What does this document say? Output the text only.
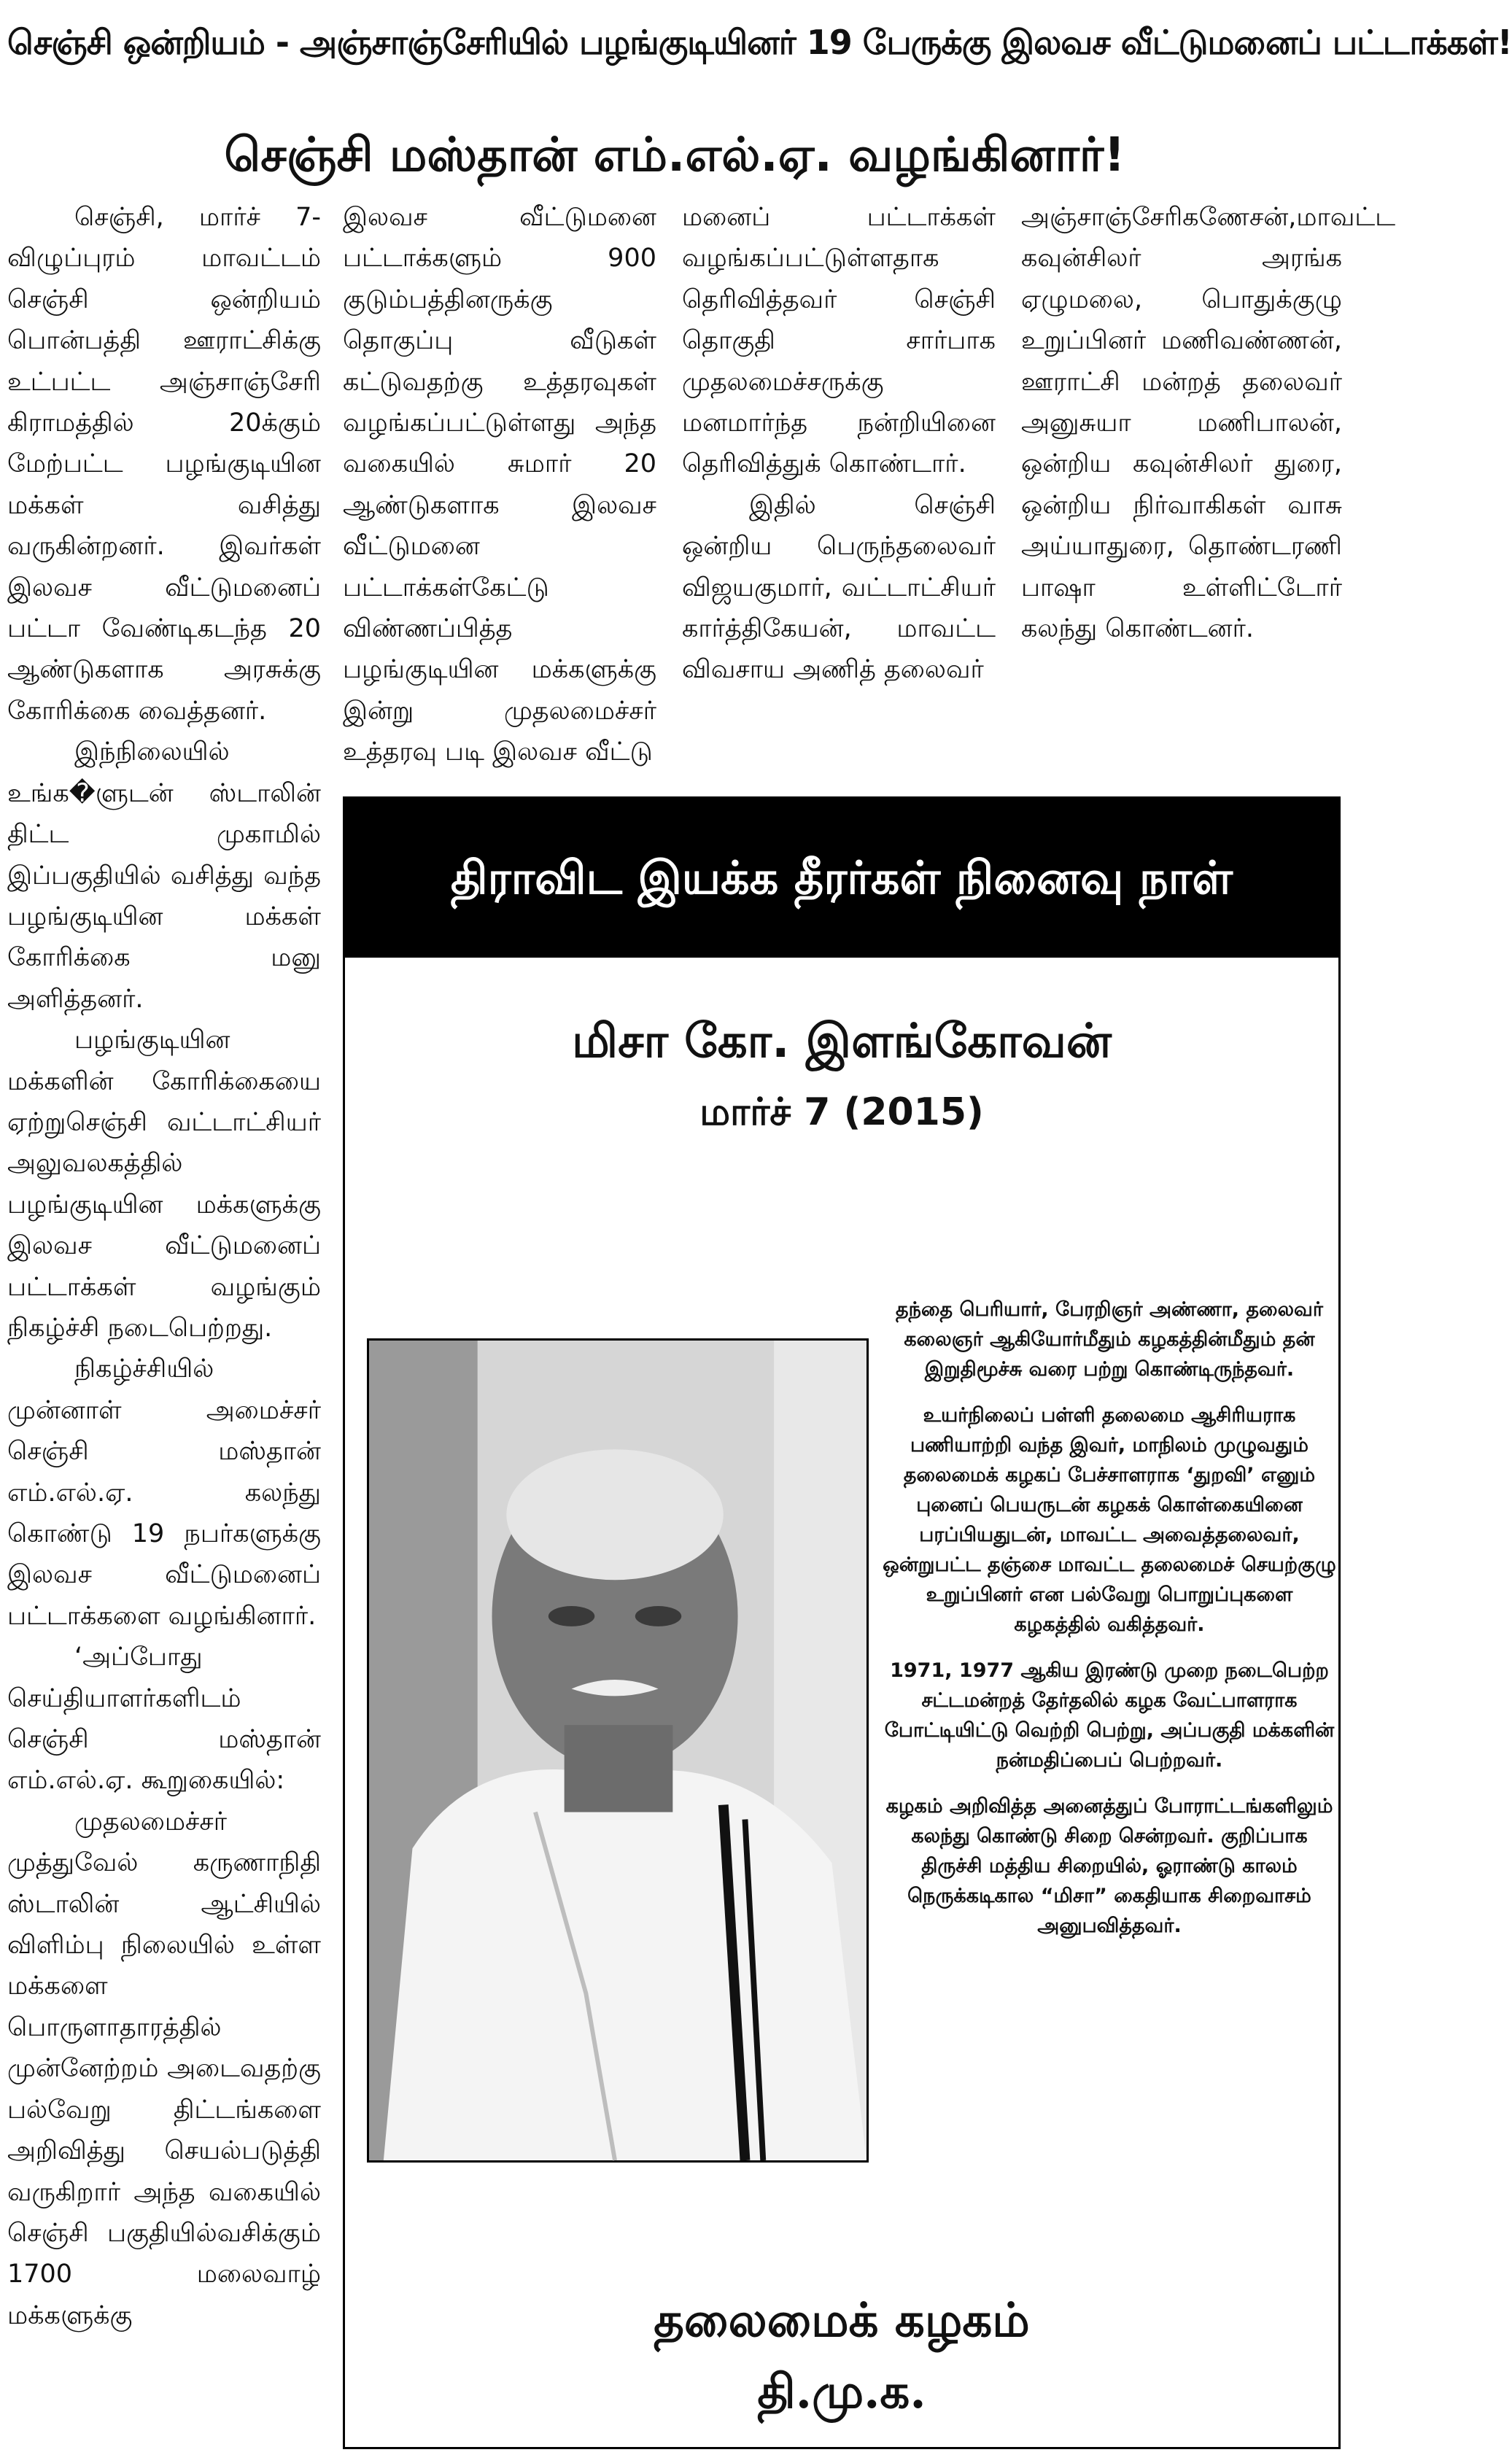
செஞ்சி ஒன்றியம் - அஞ்சாஞ்சேரியில் பழங்குடியினர் 19 பேருக்கு இலவச வீட்டுமனைப் பட்டாக்கள்!
செஞ்சி மஸ்தான் எம்.எல்.ஏ. வழங்கினார்!

செஞ்சி, மார்ச் 7- விழுப்புரம் மாவட்டம் செஞ்சி ஒன்றியம் பொன்பத்தி ஊராட்சிக்கு உட்பட்ட அஞ்சாஞ்சேரி கிராமத்தில் 20க்கும் மேற்பட்ட பழங்குடியின மக்கள் வசித்து வருகின்றனர். இவர்கள் இலவச வீட்டுமனைப் பட்டா வேண்டிகடந்த 20 ஆண்டுகளாக அரசுக்கு கோரிக்கை வைத்தனர்.

இந்நிலையில் உங்க�ளுடன் ஸ்டாலின் திட்ட முகாமில் இப்பகுதியில் வசித்து வந்த பழங்குடியின மக்கள் கோரிக்கை மனு அளித்தனர்.

பழங்குடியின மக்களின் கோரிக்கையை ஏற்றுசெஞ்சி வட்டாட்சியர் அலுவலகத்தில் பழங்குடியின மக்களுக்கு இலவச வீட்டுமனைப் பட்டாக்கள் வழங்கும் நிகழ்ச்சி நடைபெற்றது.

நிகழ்ச்சியில் முன்னாள் அமைச்சர் செஞ்சி மஸ்தான் எம்.எல்.ஏ. கலந்து கொண்டு 19 நபர்களுக்கு இலவச வீட்டுமனைப் பட்டாக்களை வழங்கினார்.

‘அப்போது செய்தியாளர்களிடம் செஞ்சி மஸ்தான் எம்.எல்.ஏ. கூறுகையில்:

முதலமைச்சர் முத்துவேல் கருணாநிதி ஸ்டாலின் ஆட்சியில் விளிம்பு நிலையில் உள்ள மக்களை பொருளாதாரத்தில் முன்னேற்றம் அடைவதற்கு பல்வேறு திட்டங்களை அறிவித்து செயல்படுத்தி வருகிறார் அந்த வகையில் செஞ்சி பகுதியில்வசிக்கும் 1700 மலைவாழ் மக்களுக்கு

இலவச வீட்டுமனை பட்டாக்களும் 900 குடும்பத்தினருக்கு தொகுப்பு வீடுகள் கட்டுவதற்கு உத்தரவுகள் வழங்கப்பட்டுள்ளது அந்த வகையில் சுமார் 20 ஆண்டுகளாக இலவச வீட்டுமனை பட்டாக்கள்கேட்டு விண்ணப்பித்த பழங்குடியின மக்களுக்கு இன்று முதலமைச்சர் உத்தரவு படி இலவச வீட்டு

மனைப் பட்டாக்கள் வழங்கப்பட்டுள்ளதாக தெரிவித்தவர் செஞ்சி தொகுதி சார்பாக முதலமைச்சருக்கு மனமார்ந்த நன்றியினை தெரிவித்துக் கொண்டார்.

இதில் செஞ்சி ஒன்றிய பெருந்தலைவர் விஜயகுமார், வட்டாட்சியர் கார்த்திகேயன், மாவட்ட விவசாய அணித் தலைவர்

அஞ்சாஞ்சேரிகணேசன்,மாவட்ட கவுன்சிலர் அரங்க ஏழுமலை, பொதுக்குழு உறுப்பினர் மணிவண்ணன், ஊராட்சி மன்றத் தலைவர் அனுசுயா மணிபாலன், ஒன்றிய கவுன்சிலர் துரை, ஒன்றிய நிர்வாகிகள் வாசு அய்யாதுரை, தொண்டரணி பாஷா உள்ளிட்டோர் கலந்து கொண்டனர்.

திராவிட இயக்க தீரர்கள் நினைவு நாள்
மிசா கோ. இளங்கோவன்
மார்ச் 7 (2015)

தந்தை பெரியார், பேரறிஞர் அண்ணா, தலைவர் கலைஞர் ஆகியோர்மீதும் கழகத்தின்மீதும் தன் இறுதிமூச்சு வரை பற்று கொண்டிருந்தவர்.

உயர்நிலைப் பள்ளி தலைமை ஆசிரியராக பணியாற்றி வந்த இவர், மாநிலம் முழுவதும் தலைமைக் கழகப் பேச்சாளராக ‘துறவி’ எனும் புனைப் பெயருடன் கழகக் கொள்கையினை பரப்பியதுடன், மாவட்ட அவைத்தலைவர், ஒன்றுபட்ட தஞ்சை மாவட்ட தலைமைச் செயற்குழு உறுப்பினர் என பல்வேறு பொறுப்புகளை கழகத்தில் வகித்தவர்.

1971, 1977 ஆகிய இரண்டு முறை நடைபெற்ற சட்டமன்றத் தேர்தலில் கழக வேட்பாளராக போட்டியிட்டு வெற்றி பெற்று, அப்பகுதி மக்களின் நன்மதிப்பைப் பெற்றவர்.

கழகம் அறிவித்த அனைத்துப் போராட்டங்களிலும் கலந்து கொண்டு சிறை சென்றவர். குறிப்பாக திருச்சி மத்திய சிறையில், ஓராண்டு காலம் நெருக்கடிகால “மிசா” கைதியாக சிறைவாசம் அனுபவித்தவர்.

தலைமைக் கழகம்
தி.மு.க.
